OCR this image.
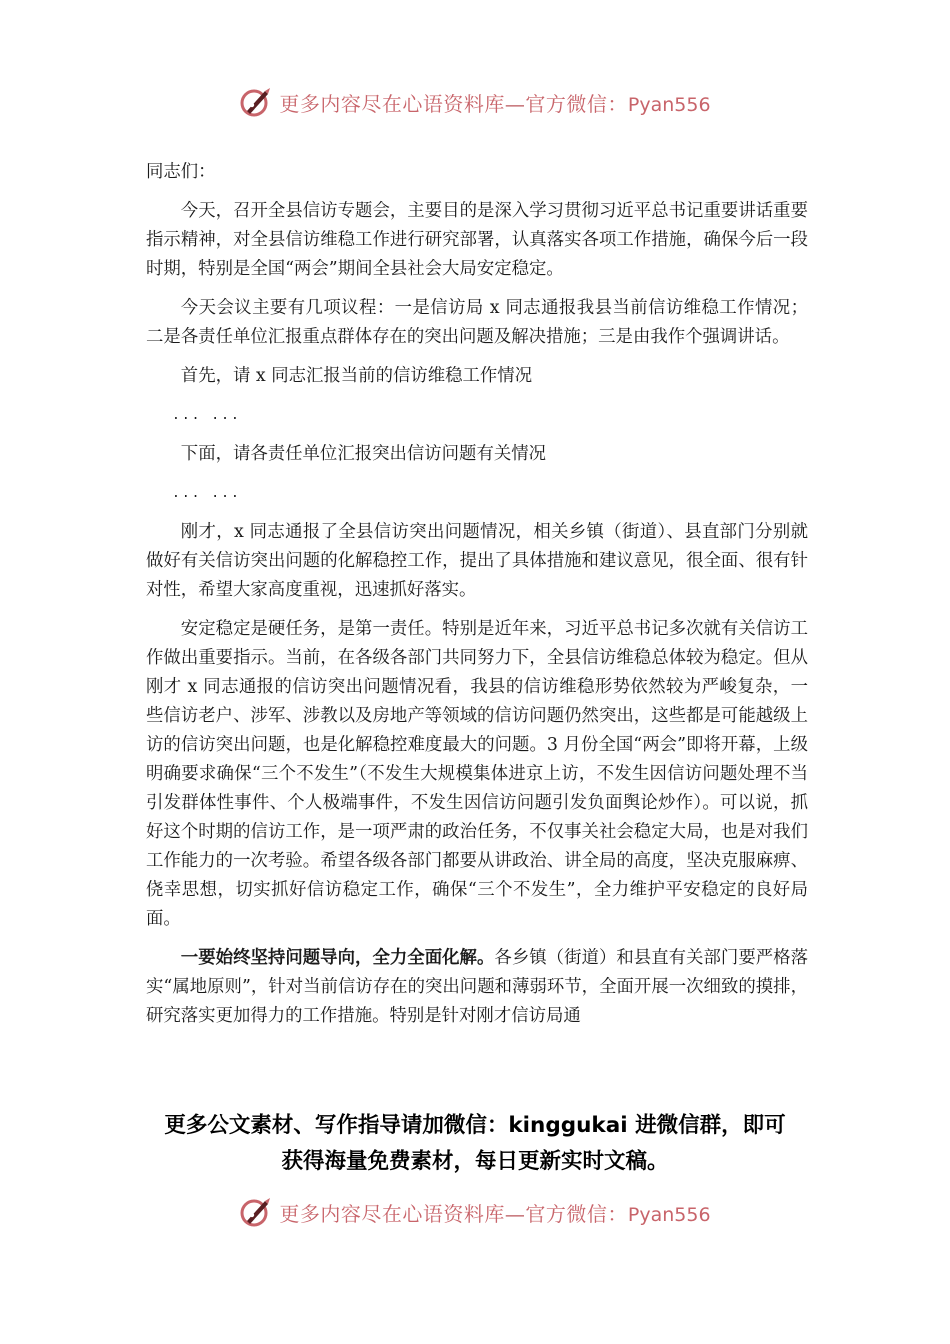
更多内容尽在心语资料库—官方微信：Pyan556

同志们：

今天，召开全县信访专题会，主要目的是深入学习贯彻习近平总书记重要讲话重要指示精神，对全县信访维稳工作进行研究部署，认真落实各项工作措施，确保今后一段时期，特别是全国“两会”期间全县社会大局安定稳定。

今天会议主要有几项议程：一是信访局 x 同志通报我县当前信访维稳工作情况；二是各责任单位汇报重点群体存在的突出问题及解决措施；三是由我作个强调讲话。

首先，请 x 同志汇报当前的信访维稳工作情况

... ...

下面，请各责任单位汇报突出信访问题有关情况

... ...

刚才，x 同志通报了全县信访突出问题情况，相关乡镇（街道）、县直部门分别就做好有关信访突出问题的化解稳控工作，提出了具体措施和建议意见，很全面、很有针对性，希望大家高度重视，迅速抓好落实。

安定稳定是硬任务，是第一责任。特别是近年来，习近平总书记多次就有关信访工作做出重要指示。当前，在各级各部门共同努力下，全县信访维稳总体较为稳定。但从刚才 x 同志通报的信访突出问题情况看，我县的信访维稳形势依然较为严峻复杂，一些信访老户、涉军、涉教以及房地产等领域的信访问题仍然突出，这些都是可能越级上访的信访突出问题，也是化解稳控难度最大的问题。3 月份全国“两会”即将开幕，上级明确要求确保“三个不发生”（不发生大规模集体进京上访，不发生因信访问题处理不当引发群体性事件、个人极端事件，不发生因信访问题引发负面舆论炒作）。可以说，抓好这个时期的信访工作，是一项严肃的政治任务，不仅事关社会稳定大局，也是对我们工作能力的一次考验。希望各级各部门都要从讲政治、讲全局的高度，坚决克服麻痹、侥幸思想，切实抓好信访稳定工作，确保“三个不发生”，全力维护平安稳定的良好局面。

一要始终坚持问题导向，全力全面化解。各乡镇（街道）和县直有关部门要严格落实“属地原则”，针对当前信访存在的突出问题和薄弱环节，全面开展一次细致的摸排，研究落实更加得力的工作措施。特别是针对刚才信访局通

更多公文素材、写作指导请加微信：kinggukai 进微信群，即可
获得海量免费素材，每日更新实时文稿。
更多内容尽在心语资料库—官方微信：Pyan556
